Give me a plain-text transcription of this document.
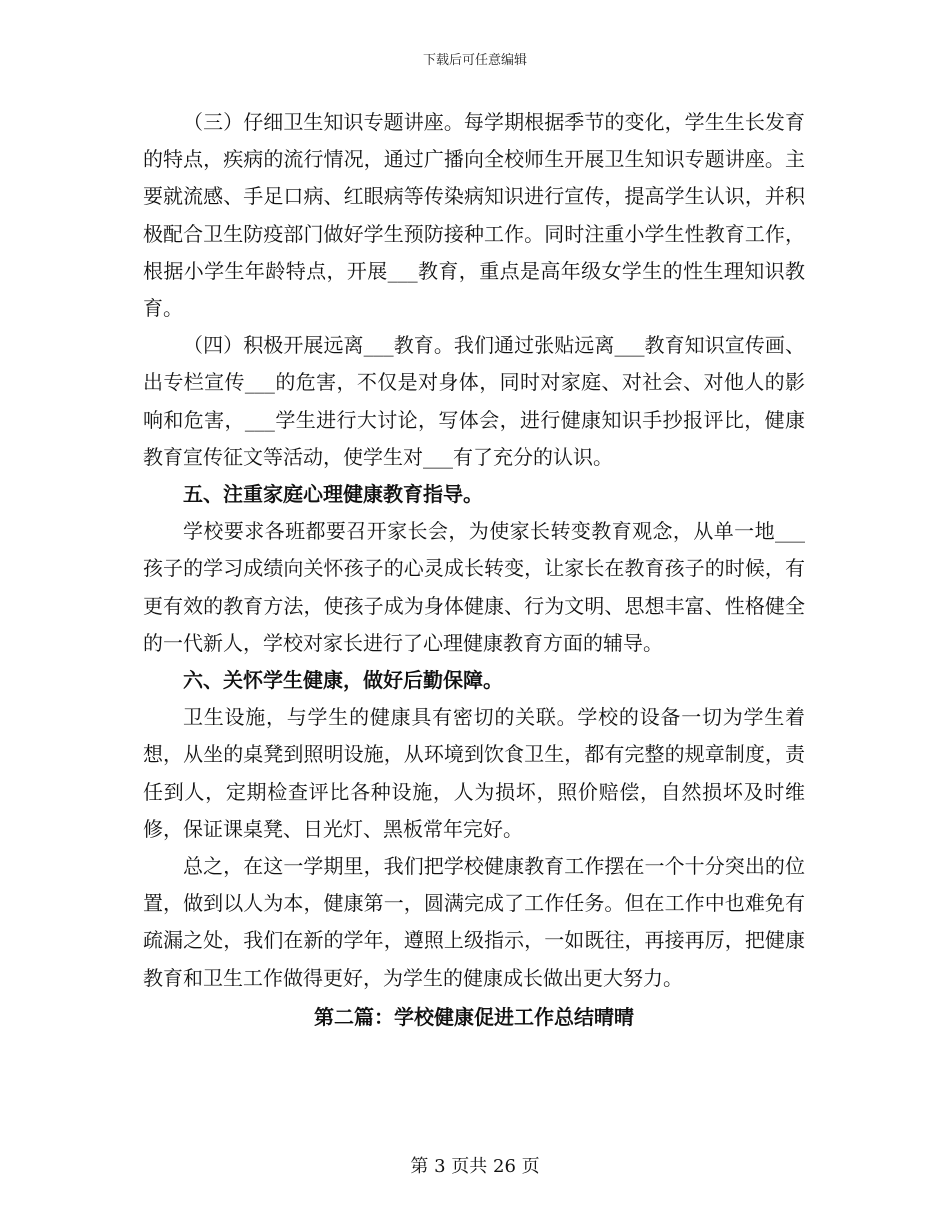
下载后可任意编辑

（三）仔细卫生知识专题讲座。每学期根据季节的变化，学生生长发育的特点，疾病的流行情况，通过广播向全校师生开展卫生知识专题讲座。主要就流感、手足口病、红眼病等传染病知识进行宣传，提高学生认识，并积极配合卫生防疫部门做好学生预防接种工作。同时注重小学生性教育工作，根据小学生年龄特点，开展___教育，重点是高年级女学生的性生理知识教育。

（四）积极开展远离___教育。我们通过张贴远离___教育知识宣传画、出专栏宣传___的危害，不仅是对身体，同时对家庭、对社会、对他人的影响和危害，___学生进行大讨论，写体会，进行健康知识手抄报评比，健康教育宣传征文等活动，使学生对___有了充分的认识。

五、注重家庭心理健康教育指导。

学校要求各班都要召开家长会，为使家长转变教育观念，从单一地___孩子的学习成绩向关怀孩子的心灵成长转变，让家长在教育孩子的时候，有更有效的教育方法，使孩子成为身体健康、行为文明、思想丰富、性格健全的一代新人，学校对家长进行了心理健康教育方面的辅导。

六、关怀学生健康，做好后勤保障。

卫生设施，与学生的健康具有密切的关联。学校的设备一切为学生着想，从坐的桌凳到照明设施，从环境到饮食卫生，都有完整的规章制度，责任到人，定期检查评比各种设施，人为损坏，照价赔偿，自然损坏及时维修，保证课桌凳、日光灯、黑板常年完好。

总之，在这一学期里，我们把学校健康教育工作摆在一个十分突出的位置，做到以人为本，健康第一，圆满完成了工作任务。但在工作中也难免有疏漏之处，我们在新的学年，遵照上级指示，一如既往，再接再厉，把健康教育和卫生工作做得更好，为学生的健康成长做出更大努力。

第二篇：学校健康促进工作总结晴晴

第 3 页共 26 页
